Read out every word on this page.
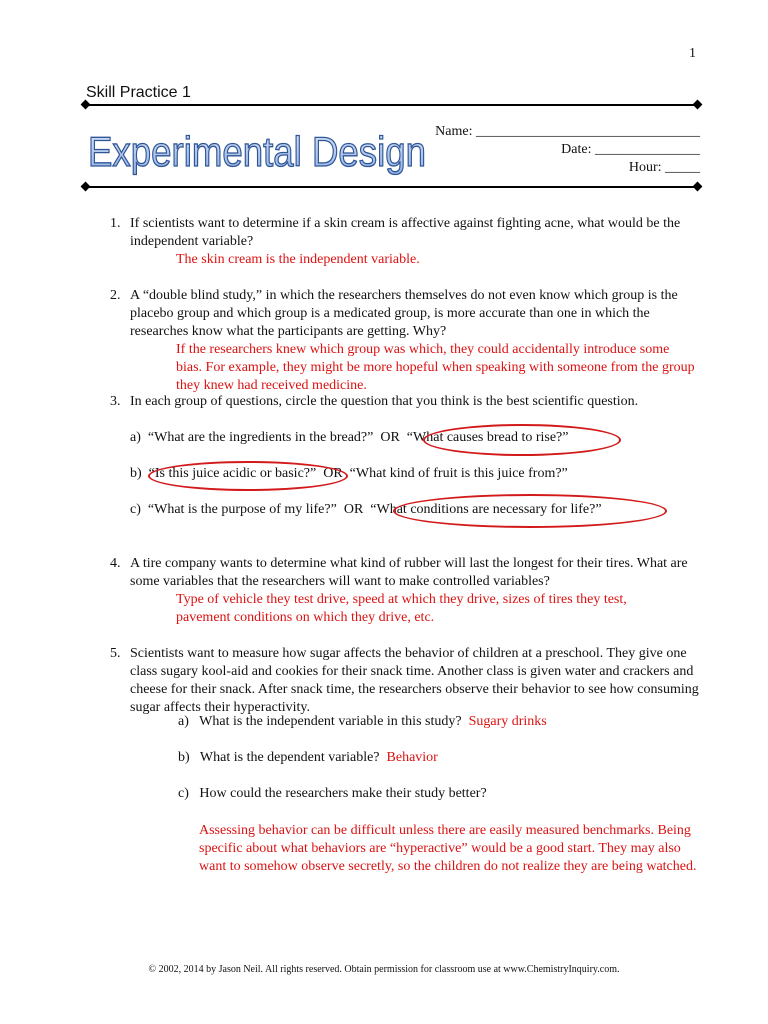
1
Skill Practice 1
Experimental Design Name: ________________________________
Date: _______________
Hour: _____
1. If scientists want to determine if a skin cream is affective against fighting acne, what would be the independent variable?
The skin cream is the independent variable.
2. A “double blind study,” in which the researchers themselves do not even know which group is the placebo group and which group is a medicated group, is more accurate than one in which the researches know what the participants are getting. Why?
If the researchers knew which group was which, they could accidentally introduce some bias. For example, they might be more hopeful when speaking with someone from the group they knew had received medicine.
3. In each group of questions, circle the question that you think is the best scientific question.
a) “What are the ingredients in the bread?” OR “What causes bread to rise?”
b) “Is this juice acidic or basic?” OR “What kind of fruit is this juice from?”
c) “What is the purpose of my life?” OR “What conditions are necessary for life?”
4. A tire company wants to determine what kind of rubber will last the longest for their tires. What are some variables that the researchers will want to make controlled variables?
Type of vehicle they test drive, speed at which they drive, sizes of tires they test, pavement conditions on which they drive, etc.
5. Scientists want to measure how sugar affects the behavior of children at a preschool. They give one class sugary kool-aid and cookies for their snack time. Another class is given water and crackers and cheese for their snack. After snack time, the researchers observe their behavior to see how consuming sugar affects their hyperactivity.
a) What is the independent variable in this study? Sugary drinks
b) What is the dependent variable? Behavior
c) How could the researchers make their study better?
Assessing behavior can be difficult unless there are easily measured benchmarks. Being specific about what behaviors are “hyperactive” would be a good start. They may also want to somehow observe secretly, so the children do not realize they are being watched.
© 2002, 2014 by Jason Neil. All rights reserved. Obtain permission for classroom use at www.ChemistryInquiry.com.
